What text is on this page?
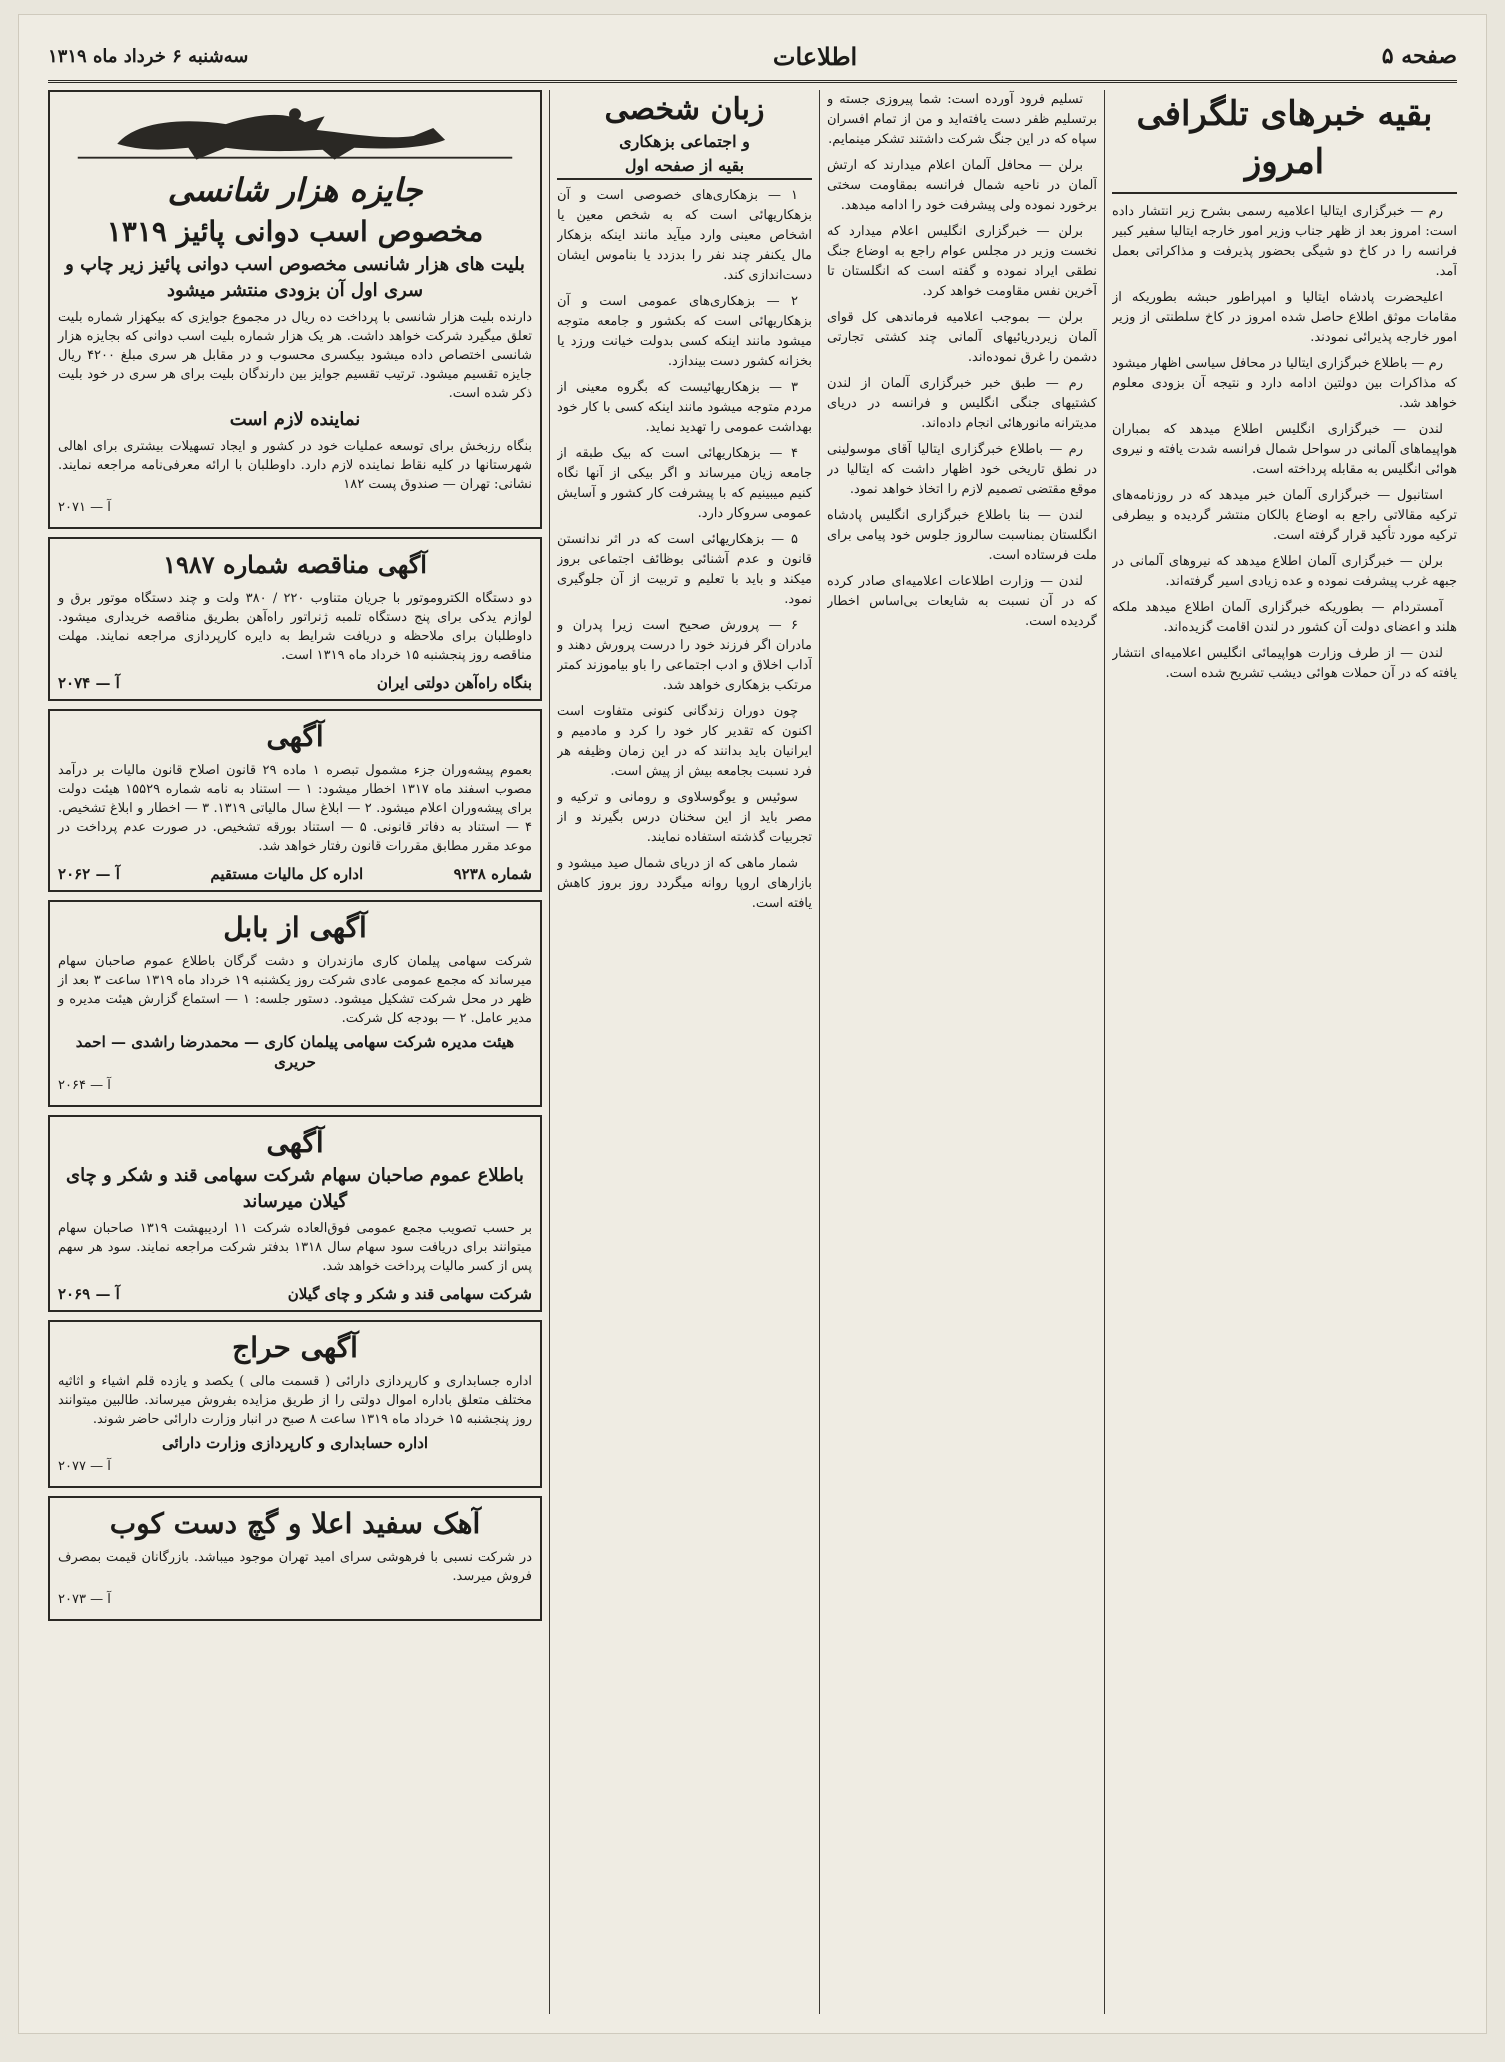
صفحه ۵
اطلاعات
سه‌شنبه ۶ خرداد ماه ۱۳۱۹
بقیه خبرهای تلگرافی امروز

رم — خبرگزاری ایتالیا اعلامیه رسمی بشرح زیر انتشار داده است: امروز بعد از ظهر جناب وزیر امور خارجه ایتالیا سفیر کبیر فرانسه را در کاخ دو شیگی بحضور پذیرفت و مذاکراتی بعمل آمد.

اعلیحضرت پادشاه ایتالیا و امپراطور حبشه بطوریکه از مقامات موثق اطلاع حاصل شده امروز در کاخ سلطنتی از وزیر امور خارجه پذیرائی نمودند.

رم — باطلاع خبرگزاری ایتالیا در محافل سیاسی اظهار میشود که مذاکرات بین دولتین ادامه دارد و نتیجه آن بزودی معلوم خواهد شد.

لندن — خبرگزاری انگلیس اطلاع میدهد که بمباران هواپیماهای آلمانی در سواحل شمال فرانسه شدت یافته و نیروی هوائی انگلیس به مقابله پرداخته است.

استانبول — خبرگزاری آلمان خبر میدهد که در روزنامه‌های ترکیه مقالاتی راجع به اوضاع بالکان منتشر گردیده و بیطرفی ترکیه مورد تأکید قرار گرفته است.

برلن — خبرگزاری آلمان اطلاع میدهد که نیروهای آلمانی در جبهه غرب پیشرفت نموده و عده زیادی اسیر گرفته‌اند.

آمستردام — بطوریکه خبرگزاری آلمان اطلاع میدهد ملکه هلند و اعضای دولت آن کشور در لندن اقامت گزیده‌اند.

لندن — از طرف وزارت هواپیمائی انگلیس اعلامیه‌ای انتشار یافته که در آن حملات هوائی دیشب تشریح شده است.

تسلیم فرود آورده است: شما پیروزی جسته و برتسلیم ظفر دست یافته‌اید و من از تمام افسران سپاه که در این جنگ شرکت داشتند تشکر مینمایم.

برلن — محافل آلمان اعلام میدارند که ارتش آلمان در ناحیه شمال فرانسه بمقاومت سختی برخورد نموده ولی پیشرفت خود را ادامه میدهد.

برلن — خبرگزاری انگلیس اعلام میدارد که نخست وزیر در مجلس عوام راجع به اوضاع جنگ نطقی ایراد نموده و گفته است که انگلستان تا آخرین نفس مقاومت خواهد کرد.

برلن — بموجب اعلامیه فرماندهی کل قوای آلمان زیردریائیهای آلمانی چند کشتی تجارتی دشمن را غرق نموده‌اند.

رم — طبق خبر خبرگزاری آلمان از لندن کشتیهای جنگی انگلیس و فرانسه در دریای مدیترانه مانورهائی انجام داده‌اند.

رم — باطلاع خبرگزاری ایتالیا آقای موسولینی در نطق تاریخی خود اظهار داشت که ایتالیا در موقع مقتضی تصمیم لازم را اتخاذ خواهد نمود.

لندن — بنا باطلاع خبرگزاری انگلیس پادشاه انگلستان بمناسبت سالروز جلوس خود پیامی برای ملت فرستاده است.

لندن — وزارت اطلاعات اعلامیه‌ای صادر کرده که در آن نسبت به شایعات بی‌اساس اخطار گردیده است.

زبان شخصی
و اجتماعی بزهکاری
بقیه از صفحه اول

۱ — بزهکاری‌های خصوصی است و آن بزهکاریهائی است که به شخص معین یا اشخاص معینی وارد میآید مانند اینکه بزهکار مال یکنفر چند نفر را بدزدد یا بناموس ایشان دست‌اندازی کند.

۲ — بزهکاری‌های عمومی است و آن بزهکاریهائی است که بکشور و جامعه متوجه میشود مانند اینکه کسی بدولت خیانت ورزد یا بخزانه کشور دست بیندازد.

۳ — بزهکاریهائیست که بگروه معینی از مردم متوجه میشود مانند اینکه کسی با کار خود بهداشت عمومی را تهدید نماید.

۴ — بزهکاریهائی است که بیک طبقه از جامعه زیان میرساند و اگر بیکی از آنها نگاه کنیم میبینیم که با پیشرفت کار کشور و آسایش عمومی سروکار دارد.

۵ — بزهکاریهائی است که در اثر ندانستن قانون و عدم آشنائی بوظائف اجتماعی بروز میکند و باید با تعلیم و تربیت از آن جلوگیری نمود.

۶ — پرورش صحیح است زیرا پدران و مادران اگر فرزند خود را درست پرورش دهند و آداب اخلاق و ادب اجتماعی را باو بیاموزند کمتر مرتکب بزهکاری خواهد شد.

چون دوران زندگانی کنونی متفاوت است اکنون که تقدیر کار خود را کرد و مادمیم و ایرانیان باید بدانند که در این زمان وظیفه هر فرد نسبت بجامعه بیش از پیش است.

سوئیس و یوگوسلاوی و رومانی و ترکیه و مصر باید از این سخنان درس بگیرند و از تجربیات گذشته استفاده نمایند.

شمار ماهی که از دریای شمال صید میشود و بازارهای اروپا روانه میگردد روز بروز کاهش یافته است.

جایزه هزار شانسی
مخصوص اسب دوانی پائیز ۱۳۱۹
بلیت های هزار شانسی مخصوص اسب دوانی پائیز زیر چاپ و سری اول آن بزودی منتشر میشود
دارنده بلیت هزار شانسی با پرداخت ده ریال در مجموع جوایزی که بیکهزار شماره بلیت تعلق میگیرد شرکت خواهد داشت. هر یک هزار شماره بلیت اسب دوانی که بجایزه هزار شانسی اختصاص داده میشود بیکسری محسوب و در مقابل هر سری مبلغ ۴۲۰۰ ریال جایزه تقسیم میشود. ترتیب تقسیم جوایز بین دارندگان بلیت برای هر سری در خود بلیت ذکر شده است.
نماینده لازم است
بنگاه رزبخش برای توسعه عملیات خود در کشور و ایجاد تسهیلات بیشتری برای اهالی شهرستانها در کلیه نقاط نماینده لازم دارد. داوطلبان با ارائه معرفی‌نامه مراجعه نمایند. نشانی: تهران — صندوق پست ۱۸۲
آ — ۲۰۷۱
آگهی مناقصه شماره ۱۹۸۷
دو دستگاه الکتروموتور با جریان متناوب ۲۲۰ / ۳۸۰ ولت و چند دستگاه موتور برق و لوازم یدکی برای پنج دستگاه تلمبه ژنراتور راه‌آهن بطریق مناقصه خریداری میشود. داوطلبان برای ملاحظه و دریافت شرایط به دایره کارپردازی مراجعه نمایند. مهلت مناقصه روز پنجشنبه ۱۵ خرداد ماه ۱۳۱۹ است.
بنگاه راه‌آهن دولتی ایران
آ — ۲۰۷۴
آگهی
بعموم پیشه‌وران جزء مشمول تبصره ۱ ماده ۲۹ قانون اصلاح قانون مالیات بر درآمد مصوب اسفند ماه ۱۳۱۷ اخطار میشود: ۱ — استناد به نامه شماره ۱۵۵۲۹ هیئت دولت برای پیشه‌وران اعلام میشود. ۲ — ابلاغ سال مالیاتی ۱۳۱۹. ۳ — اخطار و ابلاغ تشخیص. ۴ — استناد به دفاتر قانونی. ۵ — استناد بورقه تشخیص. در صورت عدم پرداخت در موعد مقرر مطابق مقررات قانون رفتار خواهد شد.
شماره ۹۲۳۸
اداره کل مالیات مستقیم
آ — ۲۰۶۲
آگهی از بابل
شرکت سهامی پیلمان کاری مازندران و دشت گرگان باطلاع عموم صاحبان سهام میرساند که مجمع عمومی عادی شرکت روز یکشنبه ۱۹ خرداد ماه ۱۳۱۹ ساعت ۳ بعد از ظهر در محل شرکت تشکیل میشود. دستور جلسه: ۱ — استماع گزارش هیئت مدیره و مدیر عامل. ۲ — بودجه کل شرکت.
هیئت مدیره شرکت سهامی پیلمان کاری — محمدرضا راشدی — احمد حریری
آ — ۲۰۶۴
آگهی
باطلاع عموم صاحبان سهام شرکت سهامی قند و شکر و چای گیلان میرساند
بر حسب تصویب مجمع عمومی فوق‌العاده شرکت ۱۱ اردیبهشت ۱۳۱۹ صاحبان سهام میتوانند برای دریافت سود سهام سال ۱۳۱۸ بدفتر شرکت مراجعه نمایند. سود هر سهم پس از کسر مالیات پرداخت خواهد شد.
شرکت سهامی قند و شکر و چای گیلان
آ — ۲۰۶۹
آگهی حراج
اداره جسابداری و کارپردازی دارائی ( قسمت مالی ) یکصد و یازده قلم اشیاء و اثاثیه مختلف متعلق باداره اموال دولتی را از طریق مزایده بفروش میرساند. طالبین میتوانند روز پنجشنبه ۱۵ خرداد ماه ۱۳۱۹ ساعت ۸ صبح در انبار وزارت دارائی حاضر شوند.
اداره حسابداری و کارپردازی وزارت دارائی
آ — ۲۰۷۷
آهک سفید اعلا و گچ دست کوب
در شرکت نسبی با فرهوشی سرای امید تهران موجود میباشد. بازرگانان قیمت بمصرف فروش میرسد.
آ — ۲۰۷۳
